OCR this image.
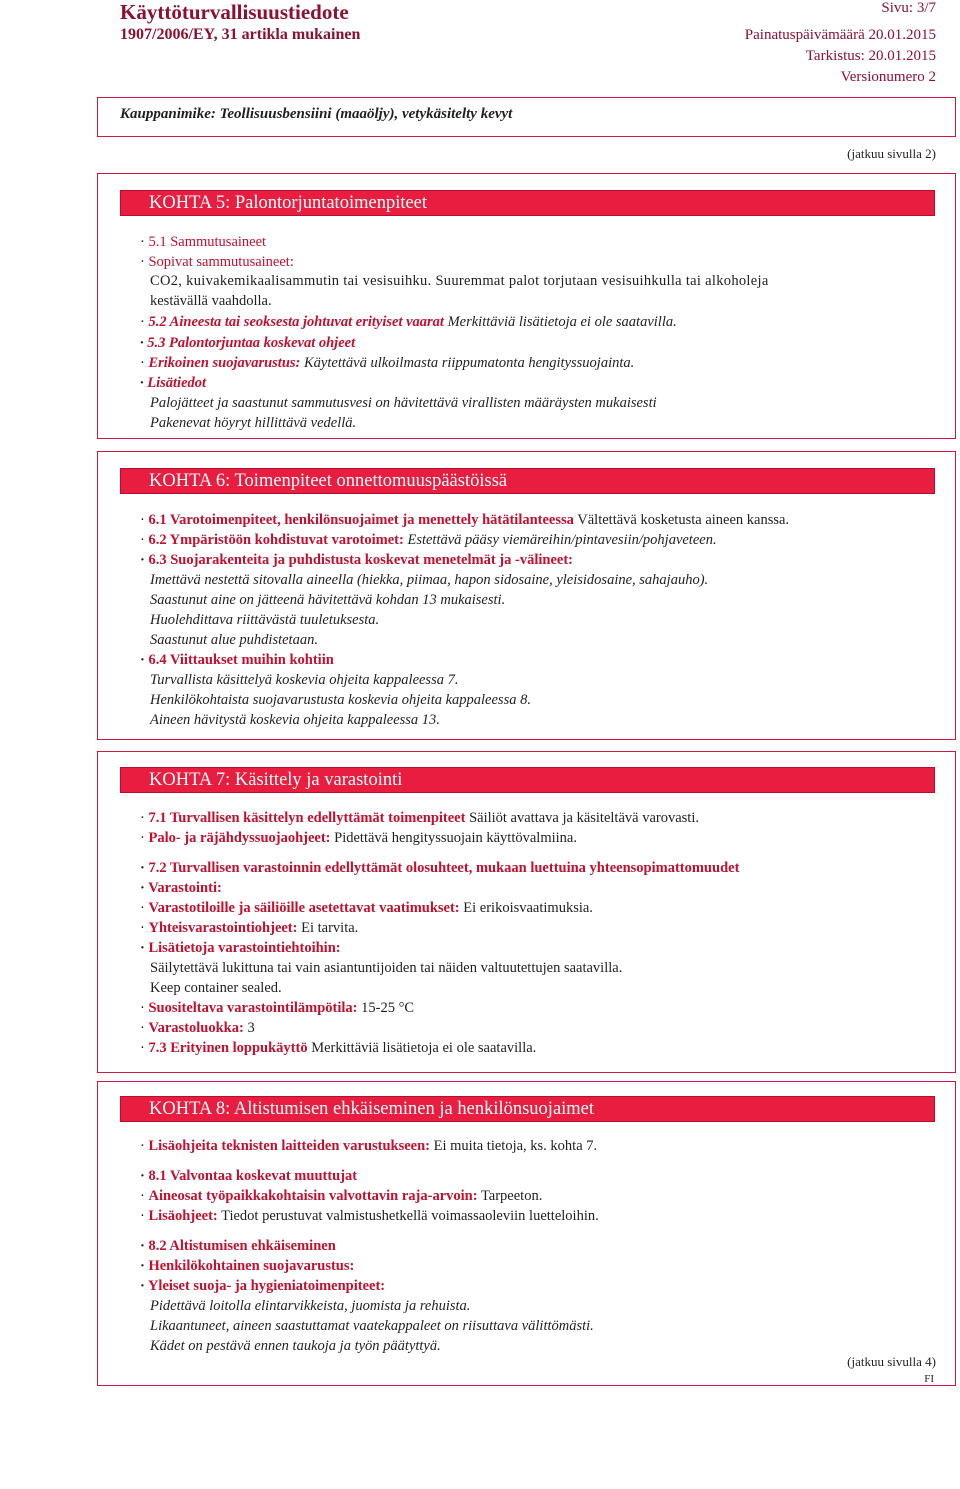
Käyttöturvallisuustiedote
1907/2006/EY, 31 artikla mukainen
Sivu: 3/7
Painatuspäivämäärä 20.01.2015
Tarkistus: 20.01.2015
Versionumero 2
Kauppanimike: Teollisuusbensiini (maaöljy), vetykäsitelty kevyt
(jatkuu sivulla 2)
KOHTA 5: Palontorjuntatoimenpiteet
· 5.1 Sammutusaineet
· Sopivat sammutusaineet:
CO2, kuivakemikaalisammutin tai vesisuihku. Suuremmat palot torjutaan vesisuihkulla tai alkoholeja
kestävällä vaahdolla.
· 5.2 Aineesta tai seoksesta johtuvat erityiset vaarat Merkittäviä lisätietoja ei ole saatavilla.
· 5.3 Palontorjuntaa koskevat ohjeet
· Erikoinen suojavarustus: Käytettävä ulkoilmasta riippumatonta hengityssuojainta.
· Lisätiedot
Palojätteet ja saastunut sammutusvesi on hävitettävä virallisten määräysten mukaisesti
Pakenevat höyryt hillittävä vedellä.
KOHTA 6: Toimenpiteet onnettomuuspäästöissä
· 6.1 Varotoimenpiteet, henkilönsuojaimet ja menettely hätätilanteessa Vältettävä kosketusta aineen kanssa.
· 6.2 Ympäristöön kohdistuvat varotoimet: Estettävä pääsy viemäreihin/pintavesiin/pohjaveteen.
· 6.3 Suojarakenteita ja puhdistusta koskevat menetelmät ja -välineet:
Imettävä nestettä sitovalla aineella (hiekka, piimaa, hapon sidosaine, yleisidosaine, sahajauho).
Saastunut aine on jätteenä hävitettävä kohdan 13 mukaisesti.
Huolehdittava riittävästä tuuletuksesta.
Saastunut alue puhdistetaan.
· 6.4 Viittaukset muihin kohtiin
Turvallista käsittelyä koskevia ohjeita kappaleessa 7.
Henkilökohtaista suojavarustusta koskevia ohjeita kappaleessa 8.
Aineen hävitystä koskevia ohjeita kappaleessa 13.
KOHTA 7: Käsittely ja varastointi
· 7.1 Turvallisen käsittelyn edellyttämät toimenpiteet Säiliöt avattava ja käsiteltävä varovasti.
· Palo- ja räjähdyssuojaohjeet: Pidettävä hengityssuojain käyttövalmiina.
· 7.2 Turvallisen varastoinnin edellyttämät olosuhteet, mukaan luettuina yhteensopimattomuudet
· Varastointi:
· Varastotiloille ja säiliöille asetettavat vaatimukset: Ei erikoisvaatimuksia.
· Yhteisvarastointiohjeet: Ei tarvita.
· Lisätietoja varastointiehtoihin:
Säilytettävä lukittuna tai vain asiantuntijoiden tai näiden valtuutettujen saatavilla.
Keep container sealed.
· Suositeltava varastointilämpötila: 15-25 °C
· Varastoluokka: 3
· 7.3 Erityinen loppukäyttö Merkittäviä lisätietoja ei ole saatavilla.
KOHTA 8: Altistumisen ehkäiseminen ja henkilönsuojaimet
· Lisäohjeita teknisten laitteiden varustukseen: Ei muita tietoja, ks. kohta 7.
· 8.1 Valvontaa koskevat muuttujat
· Aineosat työpaikkakohtaisin valvottavin raja-arvoin: Tarpeeton.
· Lisäohjeet: Tiedot perustuvat valmistushetkellä voimassaoleviin luetteloihin.
· 8.2 Altistumisen ehkäiseminen
· Henkilökohtainen suojavarustus:
· Yleiset suoja- ja hygieniatoimenpiteet:
Pidettävä loitolla elintarvikkeista, juomista ja rehuista.
Likaantuneet, aineen saastuttamat vaatekappaleet on riisuttava välittömästi.
Kädet on pestävä ennen taukoja ja työn päätyttyä.
(jatkuu sivulla 4)
FI
